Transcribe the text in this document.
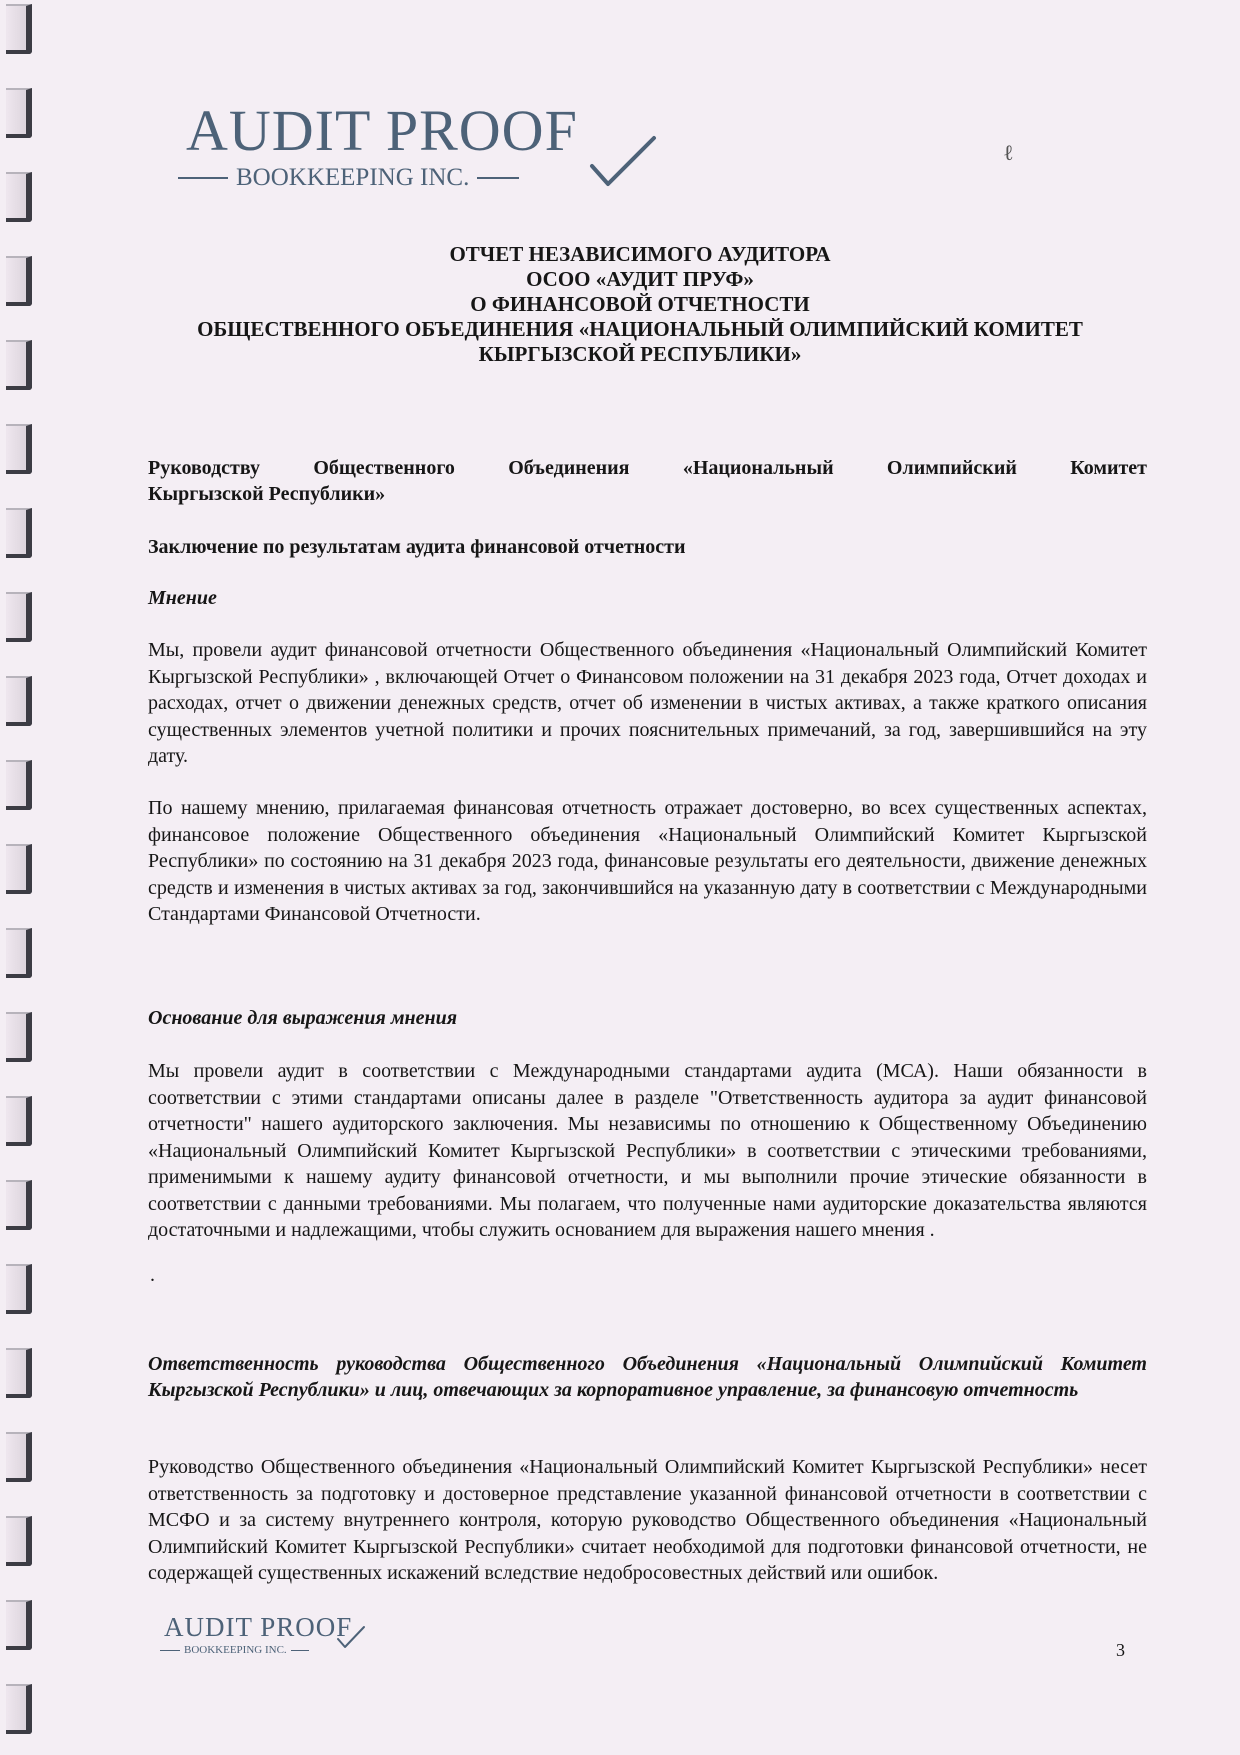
AUDIT PROOF
BOOKKEEPING INC.
ℓ
ОТЧЕТ НЕЗАВИСИМОГО АУДИТОРА
ОСОО «АУДИТ ПРУФ»
О ФИНАНСОВОЙ ОТЧЕТНОСТИ
ОБЩЕСТВЕННОГО ОБЪЕДИНЕНИЯ «НАЦИОНАЛЬНЫЙ ОЛИМПИЙСКИЙ КОМИТЕТ
КЫРГЫЗСКОЙ РЕСПУБЛИКИ»
Руководству	Общественного	Объединения	«Национальный	Олимпийский	Комитет
Кыргызской Республики»
Заключение по результатам аудита финансовой отчетности
Мнение
Мы, провели аудит финансовой отчетности Общественного объединения «Национальный Олимпийский Комитет Кыргызской Республики» , включающей Отчет о Финансовом положении на 31 декабря 2023 года, Отчет доходах и расходах, отчет о движении денежных средств, отчет об изменении в чистых активах, а также краткого описания существенных элементов учетной политики и прочих пояснительных примечаний, за год, завершившийся на эту дату.
По нашему мнению, прилагаемая финансовая отчетность отражает достоверно, во всех существенных аспектах, финансовое положение Общественного объединения «Национальный Олимпийский Комитет Кыргызской Республики» по состоянию на 31 декабря 2023 года, финансовые результаты его деятельности, движение денежных средств и изменения в чистых активах за год, закончившийся на указанную дату в соответствии с Международными Стандартами Финансовой Отчетности.
Основание для выражения мнения
Мы провели аудит в соответствии с Международными стандартами аудита (МСА). Наши обязанности в соответствии с этими стандартами описаны далее в разделе "Ответственность аудитора за аудит финансовой отчетности" нашего аудиторского заключения. Мы независимы по отношению к Общественному Объединению «Национальный Олимпийский Комитет Кыргызской Республики» в соответствии с этическими требованиями, применимыми к нашему аудиту финансовой отчетности, и мы выполнили прочие этические обязанности в соответствии с данными требованиями. Мы полагаем, что полученные нами аудиторские доказательства являются достаточными и надлежащими, чтобы служить основанием для выражения нашего мнения .
.
Ответственность руководства Общественного Объединения «Национальный Олимпийский Комитет Кыргызской Республики» и лиц, отвечающих за корпоративное управление, за финансовую отчетность
Руководство Общественного объединения «Национальный Олимпийский Комитет Кыргызской Республики» несет ответственность за подготовку и достоверное представление указанной финансовой отчетности в соответствии с МСФО и за систему внутреннего контроля, которую руководство Общественного объединения «Национальный Олимпийский Комитет Кыргызской Республики» считает необходимой для подготовки финансовой отчетности, не содержащей существенных искажений вследствие недобросовестных действий или ошибок.
AUDIT PROOF
BOOKKEEPING INC.	3
